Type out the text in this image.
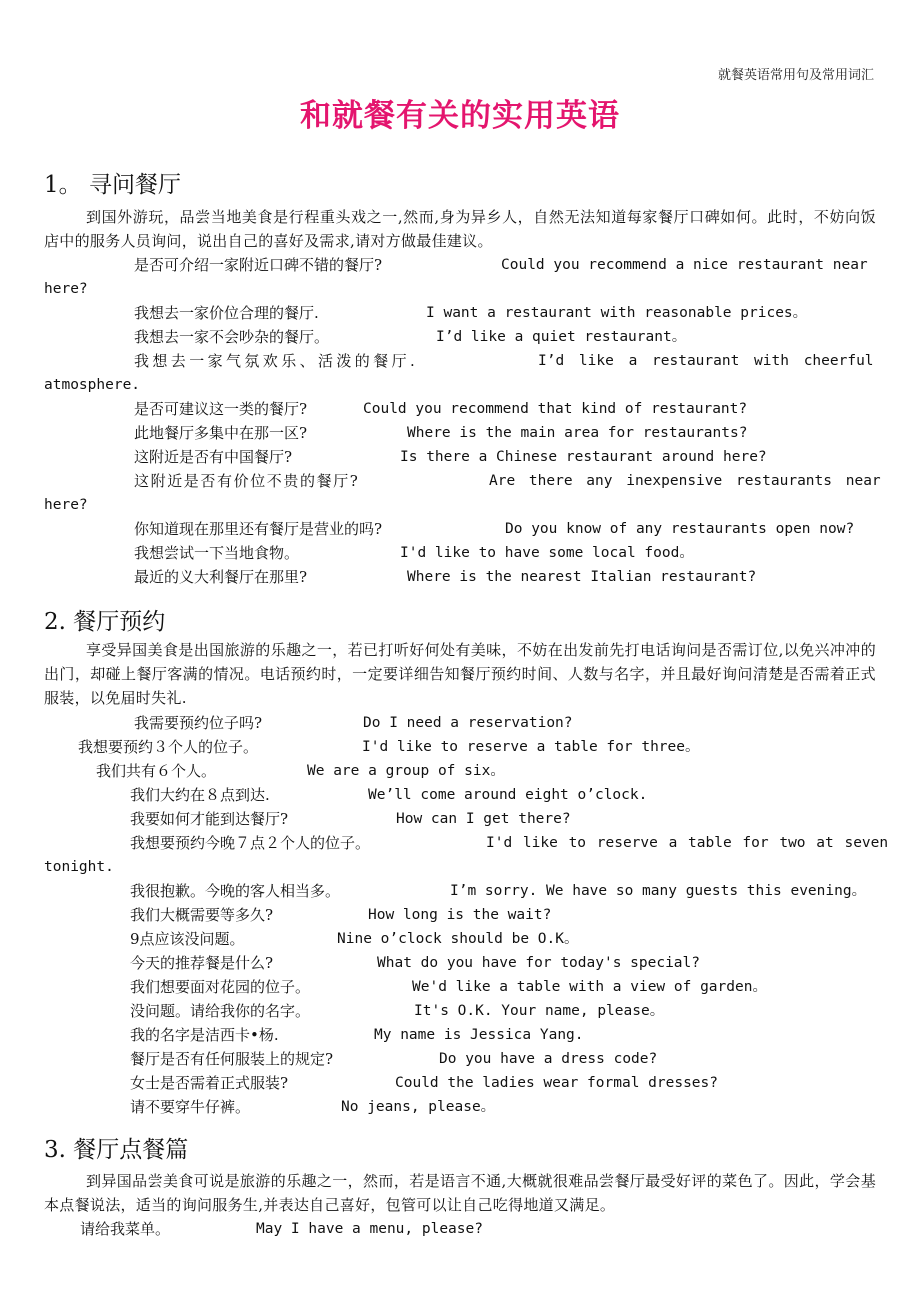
就餐英语常用句及常用词汇
和就餐有关的实用英语
1。 寻问餐厅
到国外游玩，品尝当地美食是行程重头戏之一,然而,身为异乡人，自然无法知道每家餐厅口碑如何。此时，不妨向饭店中的服务人员询问，说出自己的喜好及需求,请对方做最佳建议。
是否可介绍一家附近口碑不错的餐厅?	Could you recommend a nice restaurant near
here?
我想去一家价位合理的餐厅.	I want a restaurant with reasonable prices。
我想去一家不会吵杂的餐厅。	I’d like a quiet restaurant。
我想去一家气氛欢乐、活泼的餐厅.	I’d like a restaurant with cheerful
atmosphere.
是否可建议这一类的餐厅?	Could you recommend that kind of restaurant?
此地餐厅多集中在那一区?	Where is the main area for restaurants?
这附近是否有中国餐厅?	Is there a Chinese restaurant around here?
这附近是否有价位不贵的餐厅?	Are there any inexpensive restaurants near
here?
你知道现在那里还有餐厅是营业的吗?	Do you know of any restaurants open now?
我想尝试一下当地食物。	I'd like to have some local food。
最近的义大利餐厅在那里?	Where is the nearest Italian restaurant?
2. 餐厅预约
享受异国美食是出国旅游的乐趣之一，若已打听好何处有美味，不妨在出发前先打电话询问是否需订位,以免兴冲冲的出门，却碰上餐厅客满的情况。电话预约时，一定要详细告知餐厅预约时间、人数与名字，并且最好询问清楚是否需着正式服装，以免届时失礼.
我需要预约位子吗?	Do I need a reservation?
我想要预约３个人的位子。	I'd like to reserve a table for three。
我们共有６个人。	We are a group of six。
我们大约在８点到达.	We’ll come around eight o’clock.
我要如何才能到达餐厅?	How can I get there?
我想要预约今晚７点２个人的位子。	I'd like to reserve a table for two at seven
tonight.
我很抱歉。今晚的客人相当多。	I’m sorry. We have so many guests this evening。
我们大概需要等多久?	How long is the wait?
9点应该没问题。	Nine o’clock should be O.K。
今天的推荐餐是什么?	What do you have for today's special?
我们想要面对花园的位子。	We'd like a table with a view of garden。
没问题。请给我你的名字。	It's O.K. Your name, please。
我的名字是洁西卡•杨.	My name is Jessica Yang.
餐厅是否有任何服装上的规定?	Do you have a dress code?
女士是否需着正式服装?	Could the ladies wear formal dresses?
请不要穿牛仔裤。	No jeans, please。
3. 餐厅点餐篇
到异国品尝美食可说是旅游的乐趣之一，然而，若是语言不通,大概就很难品尝餐厅最受好评的菜色了。因此，学会基本点餐说法，适当的询问服务生,并表达自己喜好，包管可以让自己吃得地道又满足。
请给我菜单。	May I have a menu, please?
